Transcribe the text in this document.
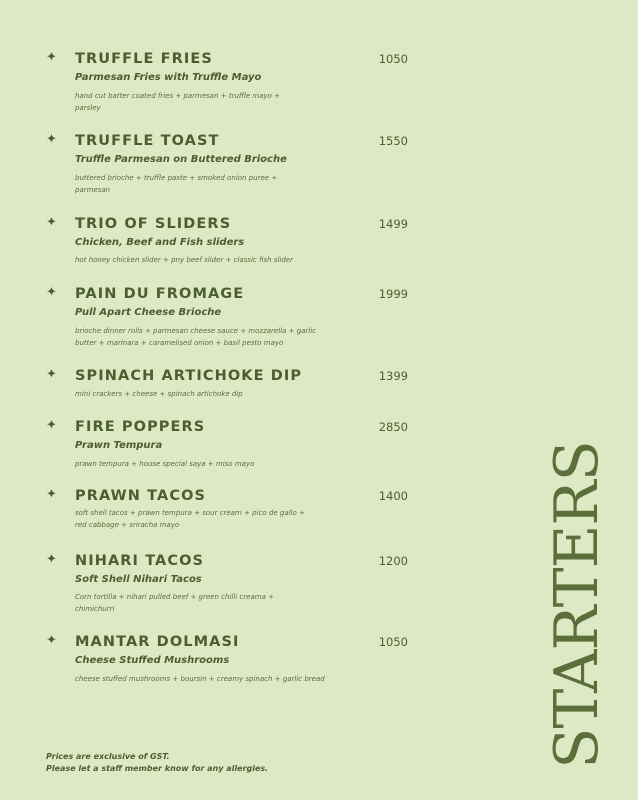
✦ TRUFFLE FRIES	1050
Parmesan Fries with Truffle Mayo
hand cut batter coated fries + parmesan + truffle mayo +
parsley
✦ TRUFFLE TOAST	1550
Truffle Parmesan on Buttered Brioche
buttered brioche + truffle paste + smoked onion puree +
parmesan
✦ TRIO OF SLIDERS	1499
Chicken, Beef and Fish sliders
hot honey chicken slider + pny beef slider + classic fish slider
✦ PAIN DU FROMAGE	1999
Pull Apart Cheese Brioche
brioche dinner rolls + parmesan cheese sauce + mozzarella + garlic
butter + marinara + caramelised onion + basil pesto mayo
✦ SPINACH ARTICHOKE DIP	1399
mini crackers + cheese + spinach artichoke dip
✦ FIRE POPPERS	2850
Prawn Tempura
prawn tempura + house special saya + miso mayo
✦ PRAWN TACOS	1400
soft shell tacos + prawn tempura + sour cream + pico de gallo +
red cabbage + sriracha mayo
✦ NIHARI TACOS	1200
Soft Shell Nihari Tacos
Corn tortilla + nihari pulled beef + green chilli creama +
chimichurri
✦ MANTAR DOLMASI	1050
Cheese Stuffed Mushrooms
cheese stuffed mushrooms + boursin + creamy spinach + garlic bread
Prices are exclusive of GST.
Please let a staff member know for any allergies.	STARTERS
